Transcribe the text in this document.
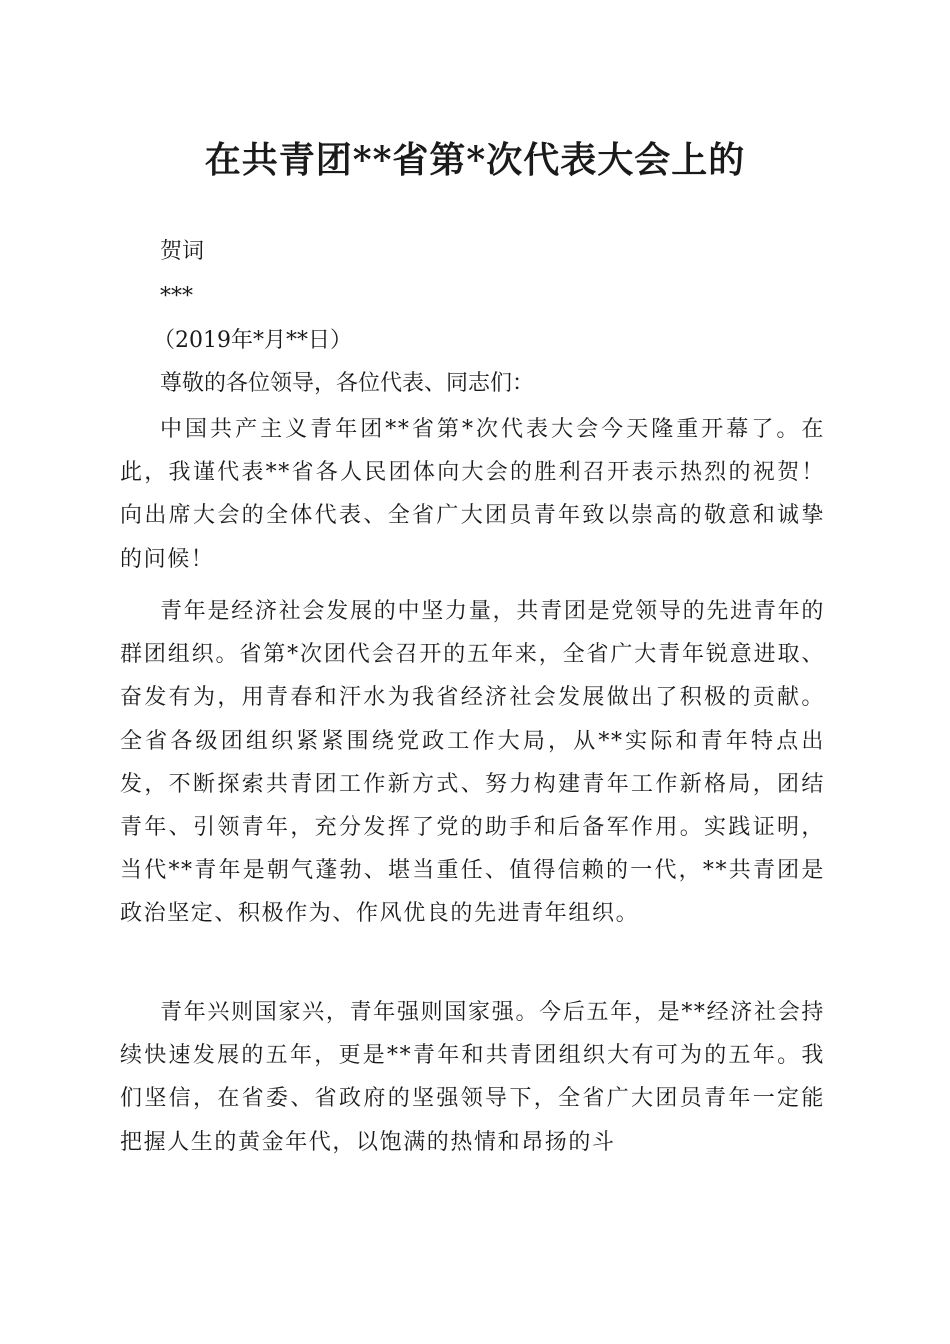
在共青团**省第*次代表大会上的
贺词
***
（2019年*月**日）
尊敬的各位领导，各位代表、同志们：

中国共产主义青年团**省第*次代表大会今天隆重开幕了。在此，我谨代表**省各人民团体向大会的胜利召开表示热烈的祝贺！向出席大会的全体代表、全省广大团员青年致以崇高的敬意和诚挚的问候！

青年是经济社会发展的中坚力量，共青团是党领导的先进青年的群团组织。省第*次团代会召开的五年来，全省广大青年锐意进取、奋发有为，用青春和汗水为我省经济社会发展做出了积极的贡献。全省各级团组织紧紧围绕党政工作大局，从**实际和青年特点出发，不断探索共青团工作新方式、努力构建青年工作新格局，团结青年、引领青年，充分发挥了党的助手和后备军作用。实践证明，当代**青年是朝气蓬勃、堪当重任、值得信赖的一代，**共青团是政治坚定、积极作为、作风优良的先进青年组织。

青年兴则国家兴，青年强则国家强。今后五年，是**经济社会持续快速发展的五年，更是**青年和共青团组织大有可为的五年。我们坚信，在省委、省政府的坚强领导下，全省广大团员青年一定能把握人生的黄金年代，以饱满的热情和昂扬的斗
